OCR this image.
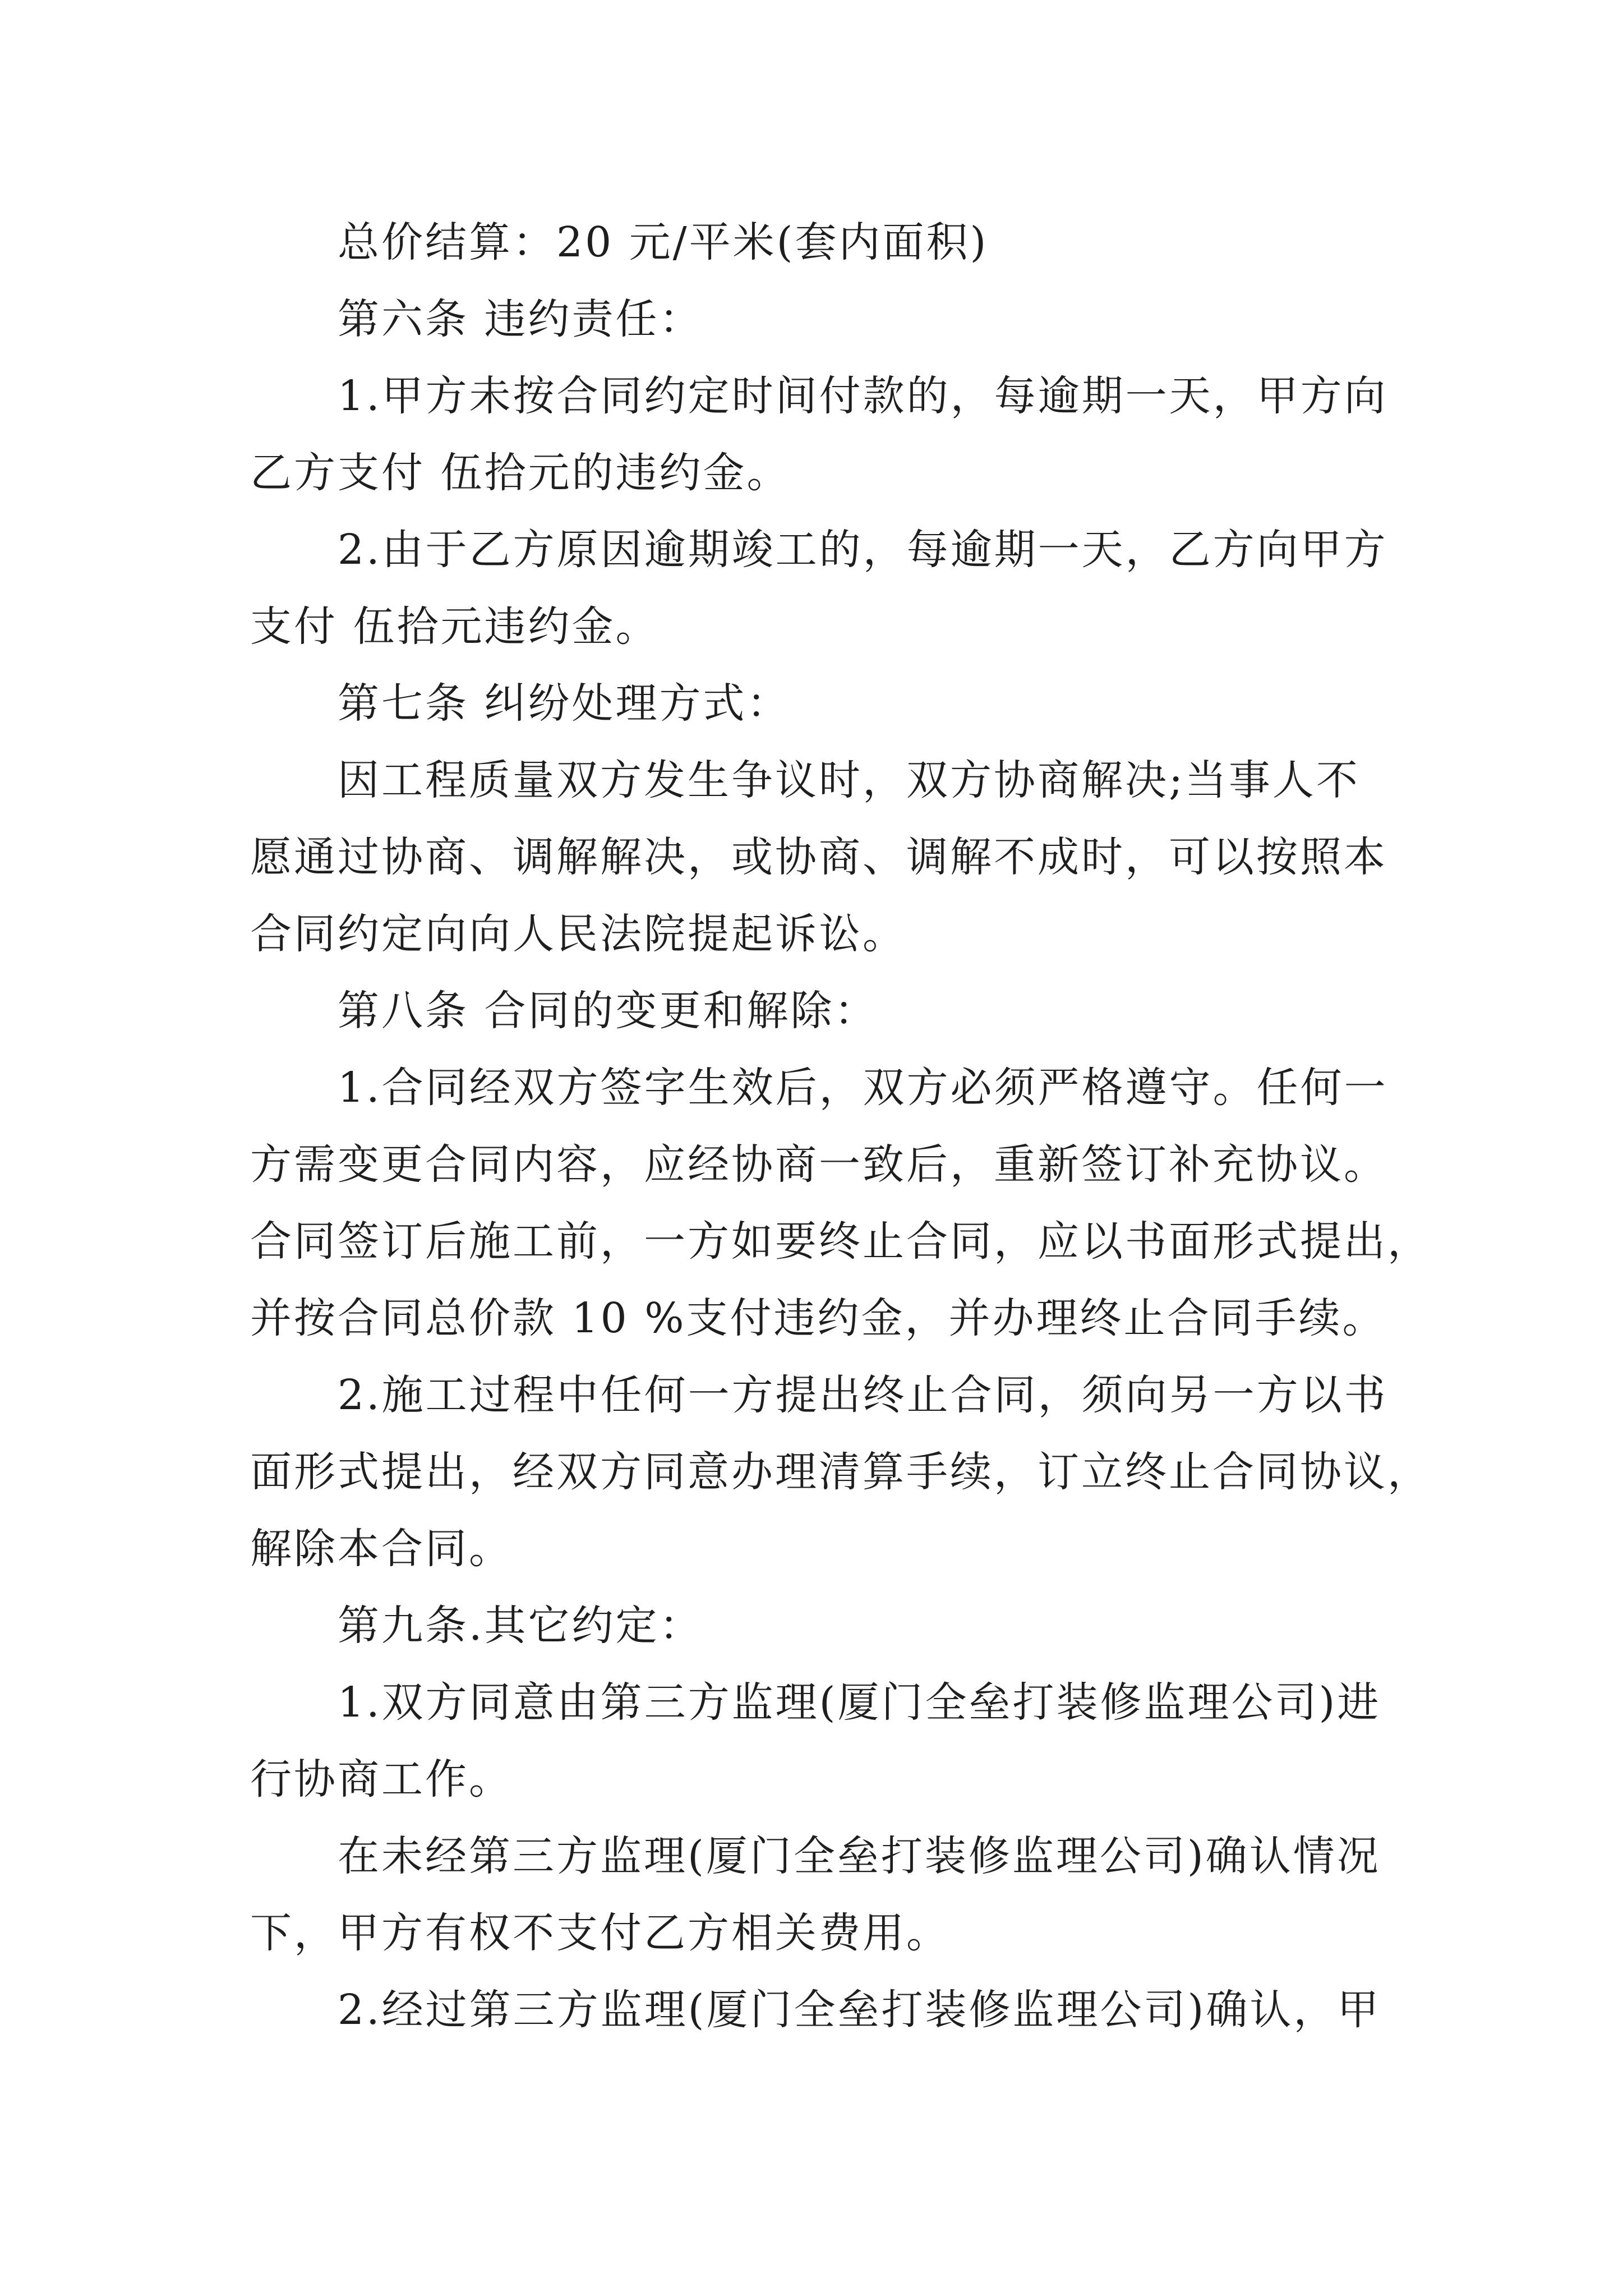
总价结算：20 元/平米(套内面积)
第六条 违约责任：
1.甲方未按合同约定时间付款的，每逾期一天，甲方向
乙方支付 伍拾元的违约金。
2.由于乙方原因逾期竣工的，每逾期一天，乙方向甲方
支付 伍拾元违约金。
第七条 纠纷处理方式：
因工程质量双方发生争议时，双方协商解决;当事人不
愿通过协商、调解解决，或协商、调解不成时，可以按照本
合同约定向向人民法院提起诉讼。
第八条 合同的变更和解除：
1.合同经双方签字生效后，双方必须严格遵守。任何一
方需变更合同内容，应经协商一致后，重新签订补充协议。
合同签订后施工前，一方如要终止合同，应以书面形式提出，
并按合同总价款 10 %支付违约金，并办理终止合同手续。
2.施工过程中任何一方提出终止合同，须向另一方以书
面形式提出，经双方同意办理清算手续，订立终止合同协议，
解除本合同。
第九条.其它约定：
1.双方同意由第三方监理(厦门全垒打装修监理公司)进
行协商工作。
在未经第三方监理(厦门全垒打装修监理公司)确认情况
下，甲方有权不支付乙方相关费用。
2.经过第三方监理(厦门全垒打装修监理公司)确认，甲
